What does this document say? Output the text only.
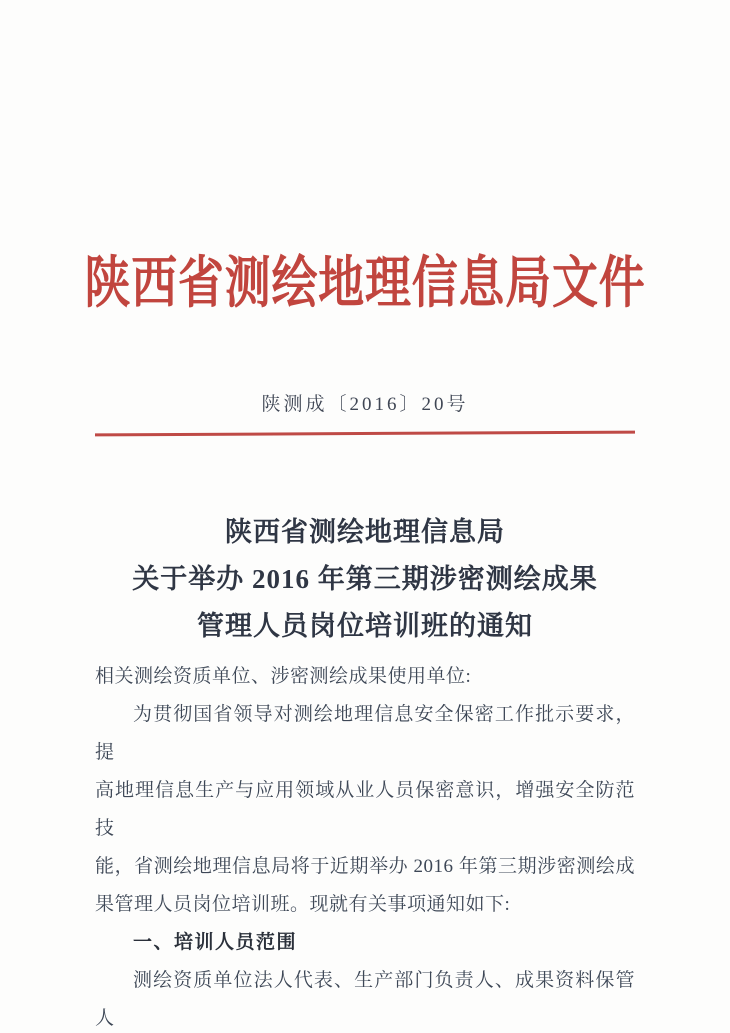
陕西省测绘地理信息局文件
陕测成〔2016〕20号
陕西省测绘地理信息局
关于举办 2016 年第三期涉密测绘成果
管理人员岗位培训班的通知
相关测绘资质单位、涉密测绘成果使用单位:
为贯彻国省领导对测绘地理信息安全保密工作批示要求，提
高地理信息生产与应用领域从业人员保密意识，增强安全防范技
能，省测绘地理信息局将于近期举办 2016 年第三期涉密测绘成
果管理人员岗位培训班。现就有关事项通知如下:
一、培训人员范围
测绘资质单位法人代表、生产部门负责人、成果资料保管人
